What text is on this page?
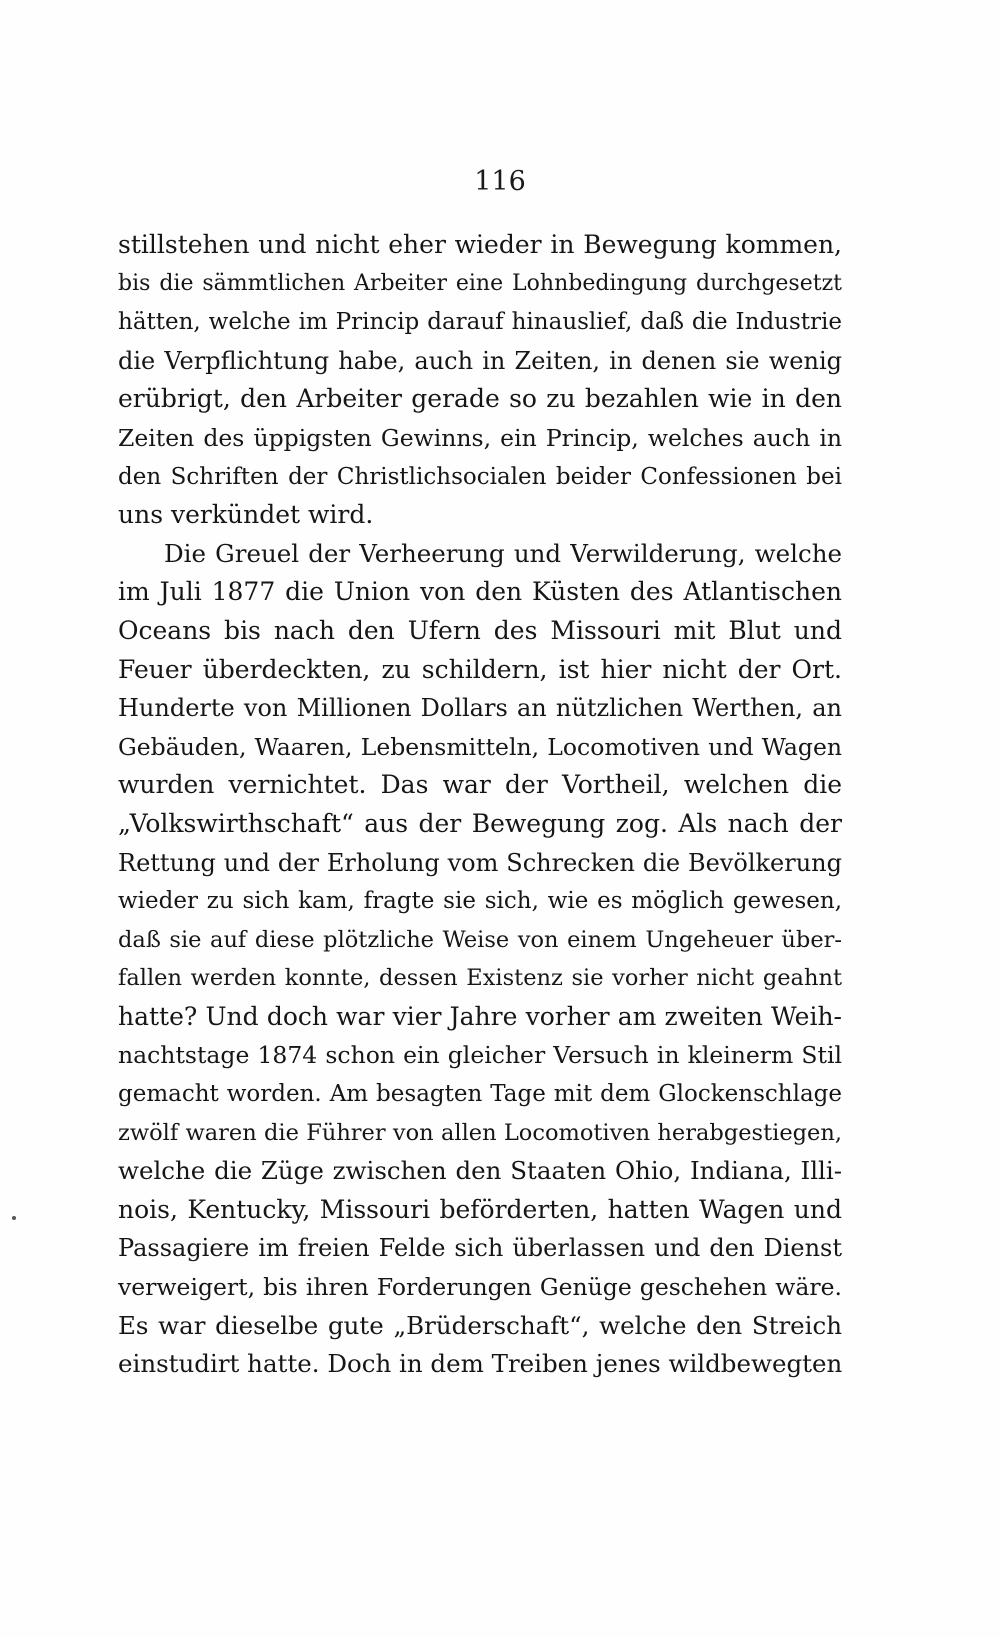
116
stillstehen und nicht eher wieder in Bewegung kommen,
bis die sämmtlichen Arbeiter eine Lohnbedingung durchgesetzt
hätten, welche im Princip darauf hinauslief, daß die Industrie
die Verpflichtung habe, auch in Zeiten, in denen sie wenig
erübrigt, den Arbeiter gerade so zu bezahlen wie in den
Zeiten des üppigsten Gewinns, ein Princip, welches auch in
den Schriften der Christlichsocialen beider Confessionen bei
uns verkündet wird.
Die Greuel der Verheerung und Verwilderung, welche
im Juli 1877 die Union von den Küsten des Atlantischen
Oceans bis nach den Ufern des Missouri mit Blut und
Feuer überdeckten, zu schildern, ist hier nicht der Ort.
Hunderte von Millionen Dollars an nützlichen Werthen, an
Gebäuden, Waaren, Lebensmitteln, Locomotiven und Wagen
wurden vernichtet. Das war der Vortheil, welchen die
„Volkswirthschaft“ aus der Bewegung zog. Als nach der
Rettung und der Erholung vom Schrecken die Bevölkerung
wieder zu sich kam, fragte sie sich, wie es möglich gewesen,
daß sie auf diese plötzliche Weise von einem Ungeheuer über-
fallen werden konnte, dessen Existenz sie vorher nicht geahnt
hatte? Und doch war vier Jahre vorher am zweiten Weih-
nachtstage 1874 schon ein gleicher Versuch in kleinerm Stil
gemacht worden. Am besagten Tage mit dem Glockenschlage
zwölf waren die Führer von allen Locomotiven herabgestiegen,
welche die Züge zwischen den Staaten Ohio, Indiana, Illi-
nois, Kentucky, Missouri beförderten, hatten Wagen und
Passagiere im freien Felde sich überlassen und den Dienst
verweigert, bis ihren Forderungen Genüge geschehen wäre.
Es war dieselbe gute „Brüderschaft“, welche den Streich
einstudirt hatte. Doch in dem Treiben jenes wildbewegten
